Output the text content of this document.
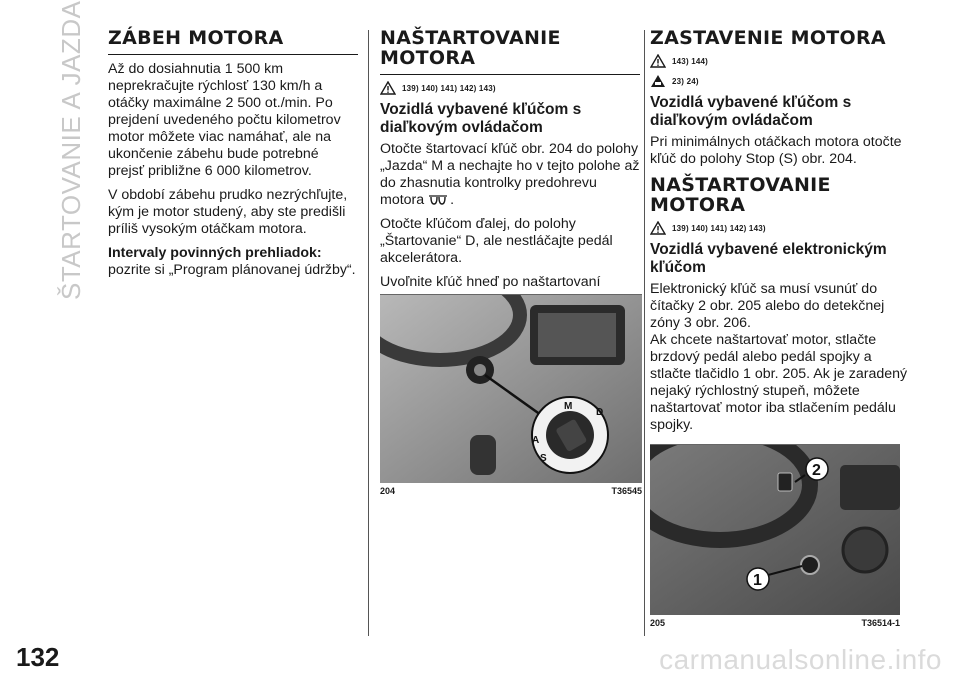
ŠTARTOVANIE A JAZDA
132
ZÁBEH MOTORA

Až do dosiahnutia 1 500 km neprekračujte rýchlosť 130 km/h a otáčky maximálne 2 500 ot./min. Po prejdení uvedeného počtu kilometrov motor môžete viac namáhať, ale na ukončenie zábehu bude potrebné prejsť približne 6 000 kilometrov.

V období zábehu prudko nezrýchľujte, kým je motor studený, aby ste predišli príliš vysokým otáčkam motora.

Intervaly povinných prehliadok:
pozrite si „Program plánovanej údržby“.

NAŠTARTOVANIE MOTORA
139) 140) 141) 142) 143)
Vozidlá vybavené kľúčom s diaľkovým ovládačom

Otočte štartovací kľúč obr. 204 do polohy „Jazda“ M a nechajte ho v tejto polohe až do zhasnutia kontrolky predohrevu motora .

Otočte kľúčom ďalej, do polohy „Štartovanie“ D, ale nestláčajte pedál akcelerátora.

Uvoľnite kľúč hneď po naštartovaní

M
A
D
S
204	T36545
ZASTAVENIE MOTORA
143) 144)
23) 24)
Vozidlá vybavené kľúčom s diaľkovým ovládačom

Pri minimálnych otáčkach motora otočte kľúč do polohy Stop (S) obr. 204.

NAŠTARTOVANIE MOTORA
139) 140) 141) 142) 143)
Vozidlá vybavené elektronickým kľúčom

Elektronický kľúč sa musí vsunúť do čítačky 2 obr. 205 alebo do detekčnej zóny 3 obr. 206.

Ak chcete naštartovať motor, stlačte brzdový pedál alebo pedál spojky a stlačte tlačidlo 1 obr. 205. Ak je zaradený nejaký rýchlostný stupeň, môžete naštartovať motor iba stlačením pedálu spojky.

2
1
205	T36514-1
carmanualsonline.info
